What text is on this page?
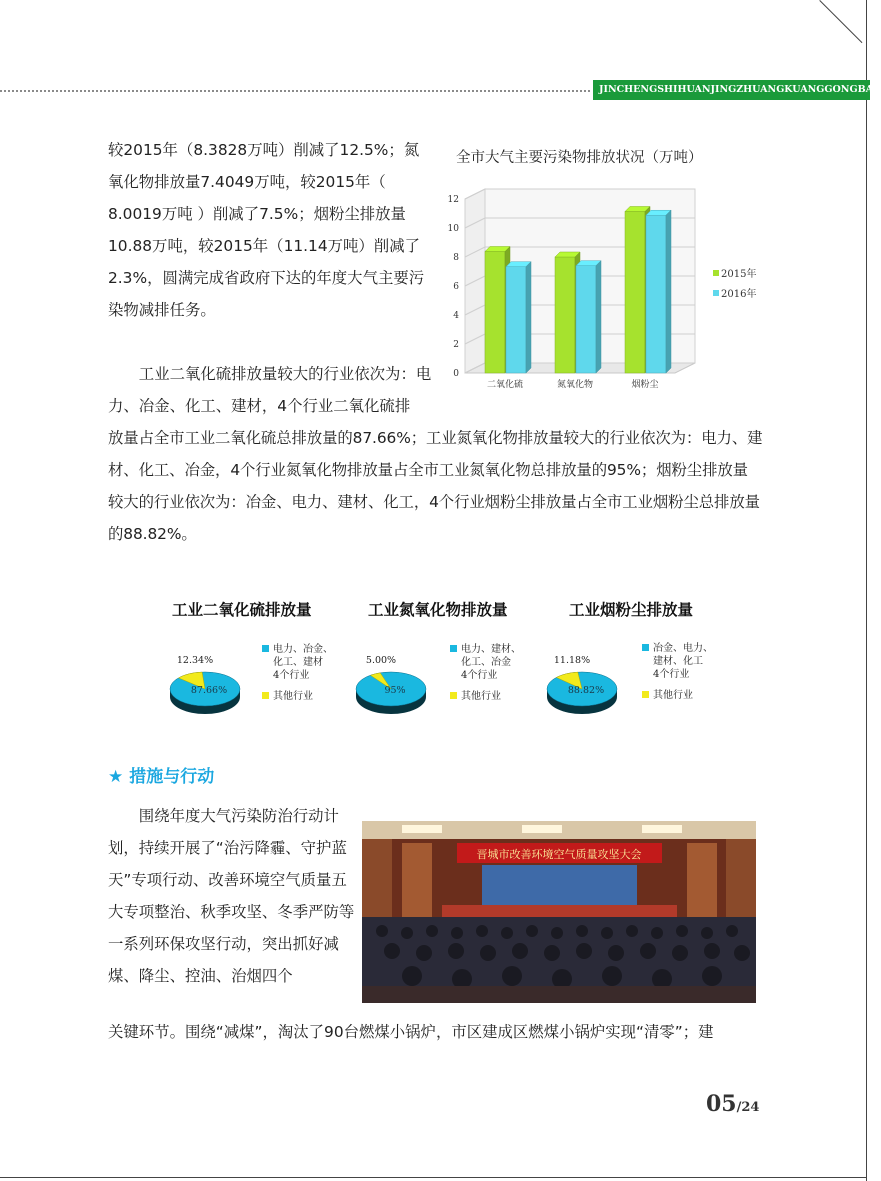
JINCHENGSHIHUANJINGZHUANGKUANGGONGBAO

较2015年（8.3828万吨）削减了12.5%；氮氧化物排放量7.4049万吨，较2015年（ 8.0019万吨 ）削减了7.5%；烟粉尘排放量10.88万吨，较2015年（11.14万吨）削减了2.3%，圆满完成省政府下达的年度大气主要污染物减排任务。

工业二氧化硫排放量较大的行业依次为：电力、冶金、化工、建材，4个行业二氧化硫排

放量占全市工业二氧化硫总排放量的87.66%；工业氮氧化物排放量较大的行业依次为：电力、建材、化工、冶金，4个行业氮氧化物排放量占全市工业氮氧化物总排放量的95%；烟粉尘排放量较大的行业依次为：冶金、电力、建材、化工，4个行业烟粉尘排放量占全市工业烟粉尘总排放量的88.82%。

全市大气主要污染物排放状况（万吨）
0
2
4
6
8
10
12
二氧化硫	氮氧化物	烟粉尘
2015年
2016年
工业二氧化硫排放量	工业氮氧化物排放量	工业烟粉尘排放量
87.66%
12.34%
95%
5.00%
88.82%
11.18%
电力、冶金、
化工、建材
4个行业
其他行业
电力、建材、
化工、冶金
4个行业
其他行业
冶金、电力、
建材、化工
4个行业
其他行业
★ 措施与行动

围绕年度大气污染防治行动计划，持续开展了“治污降霾、守护蓝天”专项行动、改善环境空气质量五大专项整治、秋季攻坚、冬季严防等一系列环保攻坚行动，突出抓好减煤、降尘、控油、治烟四个

晋城市改善环境空气质量攻坚大会

关键环节。围绕“减煤”，淘汰了90台燃煤小锅炉，市区建成区燃煤小锅炉实现“清零”；建

05/24
